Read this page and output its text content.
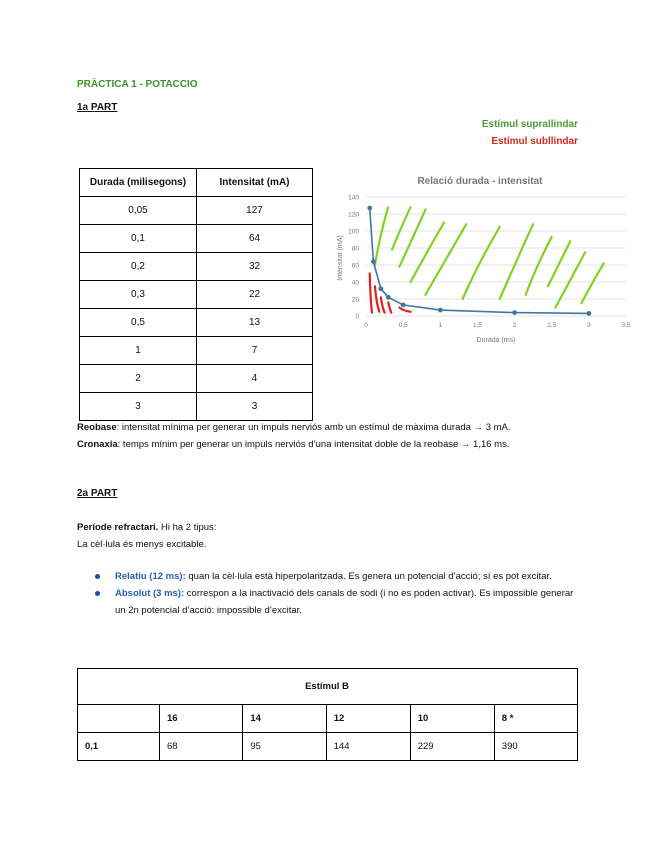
PRÀCTICA 1 - POTACCIO
1a PART
Estímul suprallindar
Estímul subllindar
Durada (milisegons)	Intensitat (mA)
0,05	127
0,1	64
0,2	32
0,3	22
0,5	13
1	7
2	4
3	3
Relació durada - intensitat
0
20
40
60
80
100
120
140
0	0,5	1	1,5	2	2,5	3	3,5
Durada (ms)
Intensitat (mA)
Reobase: intensitat mínima per generar un impuls nerviós amb un estímul de màxima durada → 3 mA.
Cronaxia: temps mínim per generar un impuls nerviós d’una intensitat doble de la reobase → 1,16 ms.
2a PART
Període refractari. Hi ha 2 tipus:
La cèl·lula és menys excitable.
Relatiu (12 ms): quan la cèl·lula està hiperpolaritzada. Es genera un potencial d’acció; sí es pot excitar.
Absolut (3 ms): correspon a la inactivació dels canals de sodi (i no es poden activar). Es impossible generar un 2n potencial d’acció: impossible d’excitar.
Estímul B					
	16	14	12	10	8 *
0,1	68	95	144	229	390
